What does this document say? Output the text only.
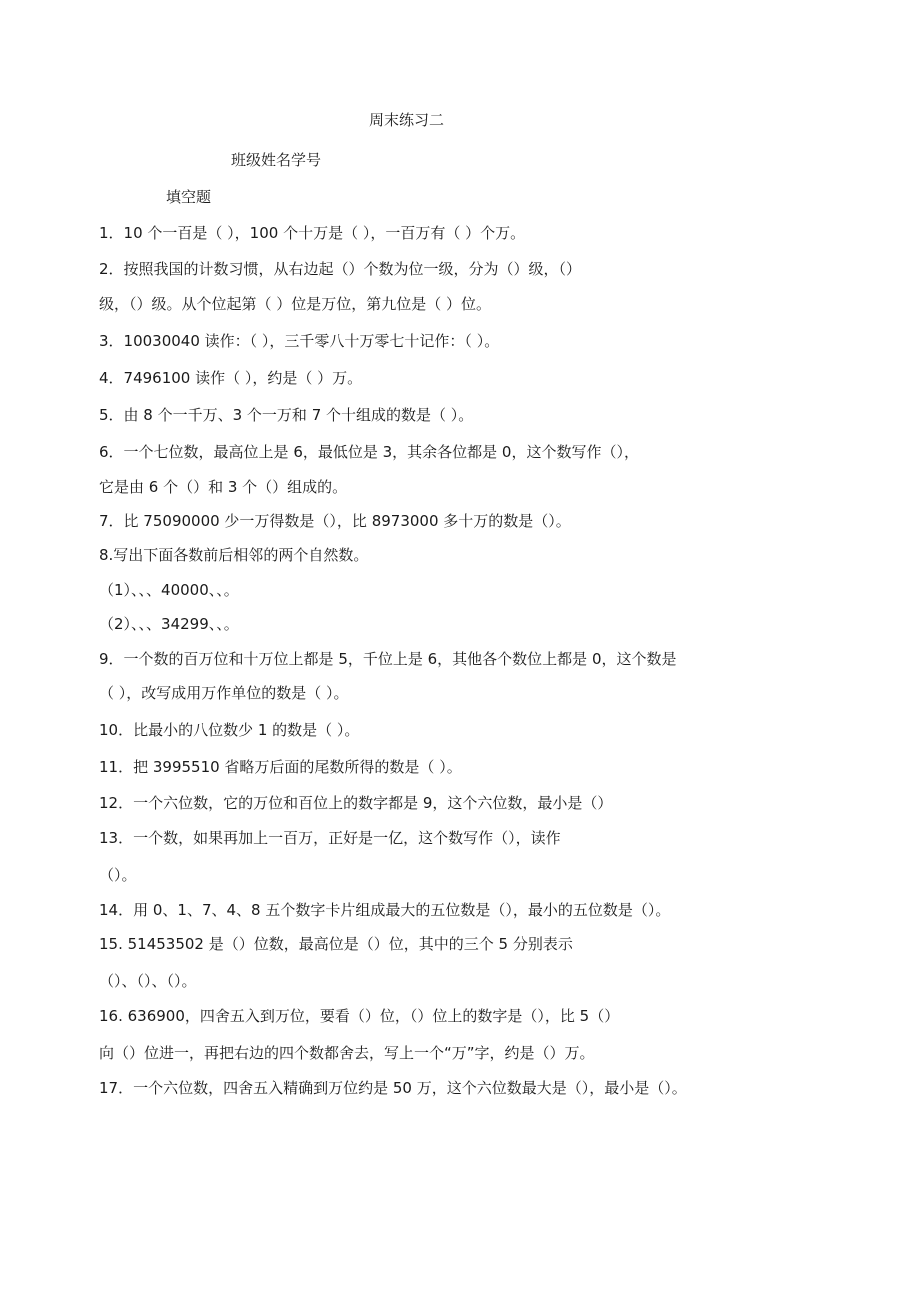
周末练习二
班级姓名学号
填空题
1．10 个一百是（ ），100 个十万是（ ），一百万有（ ）个万。
2．按照我国的计数习惯，从右边起（）个数为位一级，分为（）级，（）
级，（）级。从个位起第（ ）位是万位，第九位是（ ）位。
3．10030040 读作：（ ），三千零八十万零七十记作：（ ）。
4．7496100 读作（ ），约是（ ）万。
5．由 8 个一千万、3 个一万和 7 个十组成的数是（ ）。
6．一个七位数，最高位上是 6，最低位是 3，其余各位都是 0，这个数写作（），
它是由 6 个（）和 3 个（）组成的。
7．比 75090000 少一万得数是（），比 8973000 多十万的数是（）。
8.写出下面各数前后相邻的两个自然数。
（1）、、、40000、、。
（2）、、、34299、、。
9．一个数的百万位和十万位上都是 5，千位上是 6，其他各个数位上都是 0，这个数是
（ ），改写成用万作单位的数是（ ）。
10．比最小的八位数少 1 的数是（ ）。
11．把 3995510 省略万后面的尾数所得的数是（ ）。
12．一个六位数，它的万位和百位上的数字都是 9，这个六位数，最小是（）
13．一个数，如果再加上一百万，正好是一亿，这个数写作（），读作
（）。
14．用 0、1、7、4、8 五个数字卡片组成最大的五位数是（），最小的五位数是（）。
15. 51453502 是（）位数，最高位是（）位，其中的三个 5 分别表示
（）、（）、（）。
16. 636900，四舍五入到万位，要看（）位，（）位上的数字是（），比 5（）
向（）位进一，再把右边的四个数都舍去，写上一个“万”字，约是（）万。
17．一个六位数，四舍五入精确到万位约是 50 万，这个六位数最大是（），最小是（）。
